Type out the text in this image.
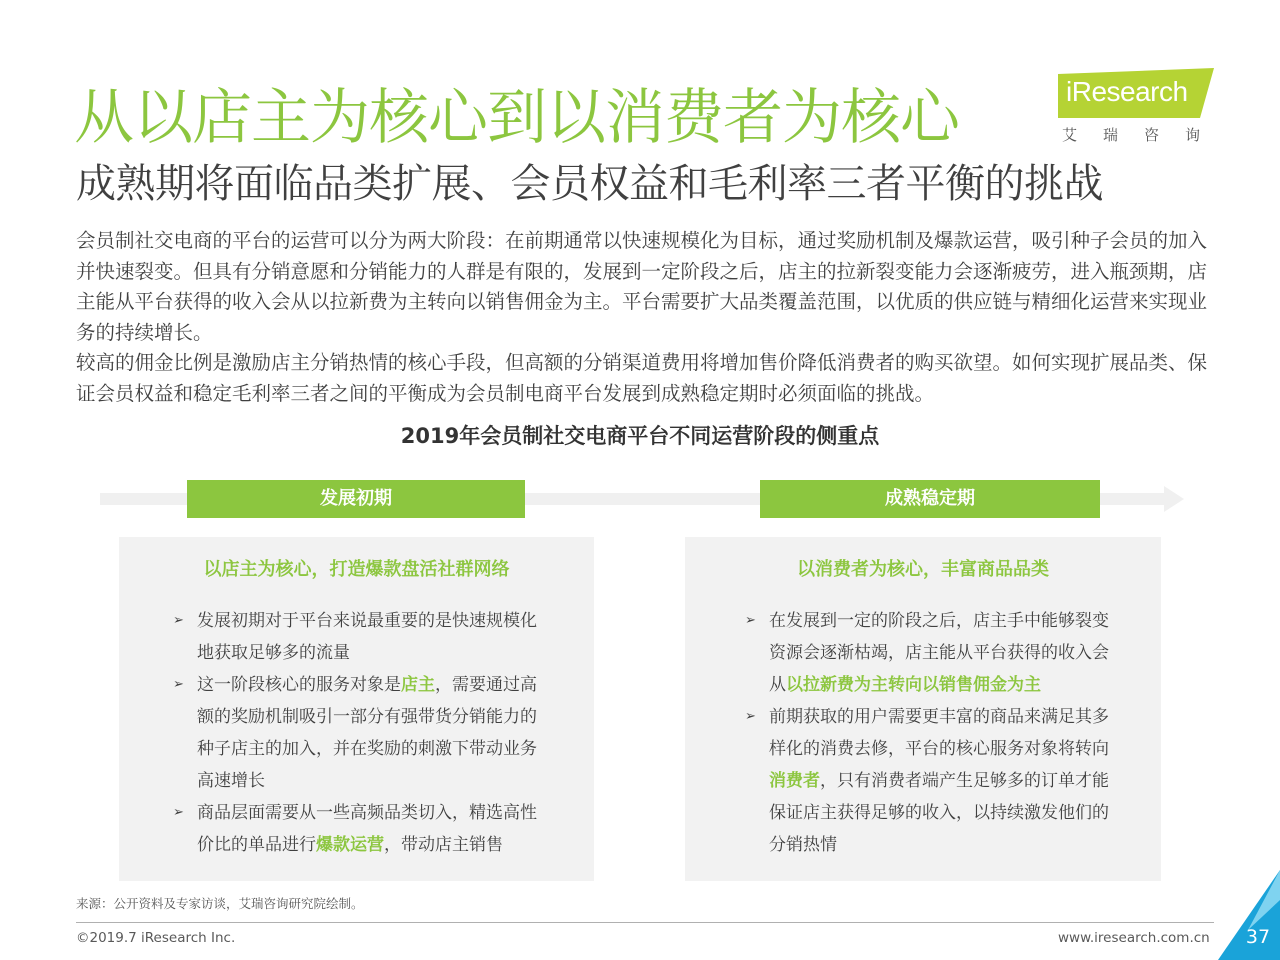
从以店主为核心到以消费者为核心
成熟期将面临品类扩展、会员权益和毛利率三者平衡的挑战
iResearch
艾瑞咨询

会员制社交电商的平台的运营可以分为两大阶段：在前期通常以快速规模化为目标，通过奖励机制及爆款运营，吸引种子会员的加入并快速裂变。但具有分销意愿和分销能力的人群是有限的，发展到一定阶段之后，店主的拉新裂变能力会逐渐疲劳，进入瓶颈期，店主能从平台获得的收入会从以拉新费为主转向以销售佣金为主。平台需要扩大品类覆盖范围，以优质的供应链与精细化运营来实现业务的持续增长。

较高的佣金比例是激励店主分销热情的核心手段，但高额的分销渠道费用将增加售价降低消费者的购买欲望。如何实现扩展品类、保证会员权益和稳定毛利率三者之间的平衡成为会员制电商平台发展到成熟稳定期时必须面临的挑战。

2019年会员制社交电商平台不同运营阶段的侧重点
发展初期	成熟稳定期
以店主为核心，打造爆款盘活社群网络
➢ 发展初期对于平台来说最重要的是快速规模化地获取足够多的流量
➢ 这一阶段核心的服务对象是店主，需要通过高额的奖励机制吸引一部分有强带货分销能力的种子店主的加入，并在奖励的刺激下带动业务高速增长
➢ 商品层面需要从一些高频品类切入，精选高性价比的单品进行爆款运营，带动店主销售
以消费者为核心，丰富商品品类
➢ 在发展到一定的阶段之后，店主手中能够裂变资源会逐渐枯竭，店主能从平台获得的收入会从以拉新费为主转向以销售佣金为主
➢ 前期获取的用户需要更丰富的商品来满足其多样化的消费去修，平台的核心服务对象将转向消费者，只有消费者端产生足够多的订单才能保证店主获得足够的收入，以持续激发他们的分销热情
来源：公开资料及专家访谈，艾瑞咨询研究院绘制。
©2019.7 iResearch Inc.	www.iresearch.com.cn	37
